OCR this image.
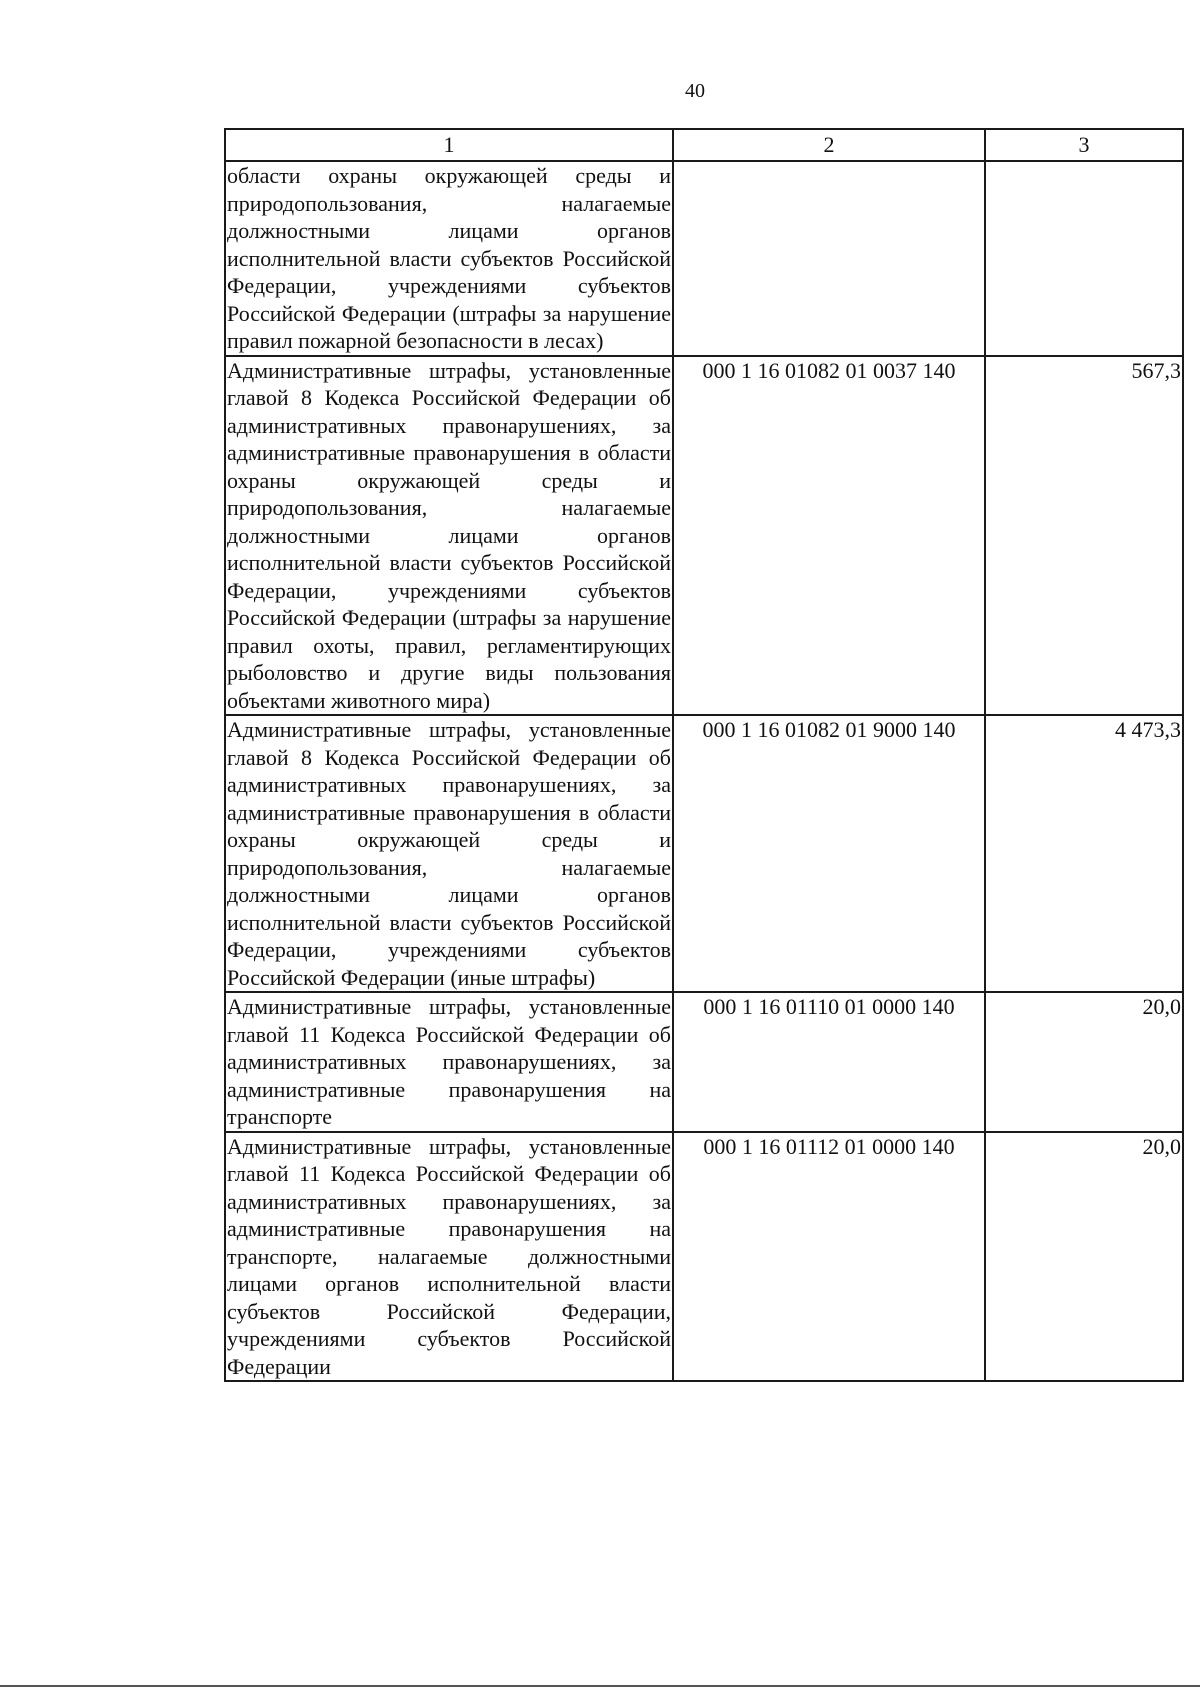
40
1	2	3
области охраны окружающей среды и природопользования, налагаемые должностными лицами органов исполнительной власти субъектов Российской Федерации, учреждениями субъектов Российской Федерации (штрафы за нарушение правил пожарной безопасности в лесах)		
Административные штрафы, установленные главой 8 Кодекса Российской Федерации об административных правонарушениях, за административные правонарушения в области охраны окружающей среды и природопользования, налагаемые должностными лицами органов исполнительной власти субъектов Российской Федерации, учреждениями субъектов Российской Федерации (штрафы за нарушение правил охоты, правил, регламентирующих рыболовство и другие виды пользования объектами животного мира)	000 1 16 01082 01 0037 140	567,3
Административные штрафы, установленные главой 8 Кодекса Российской Федерации об административных правонарушениях, за административные правонарушения в области охраны окружающей среды и природопользования, налагаемые должностными лицами органов исполнительной власти субъектов Российской Федерации, учреждениями субъектов Российской Федерации (иные штрафы)	000 1 16 01082 01 9000 140	4 473,3
Административные штрафы, установленные главой 11 Кодекса Российской Федерации об административных правонарушениях, за административные правонарушения на транспорте	000 1 16 01110 01 0000 140	20,0
Административные штрафы, установленные главой 11 Кодекса Российской Федерации об административных правонарушениях, за административные правонарушения на транспорте, налагаемые должностными лицами органов исполнительной власти субъектов Российской Федерации, учреждениями субъектов Российской Федерации	000 1 16 01112 01 0000 140	20,0
